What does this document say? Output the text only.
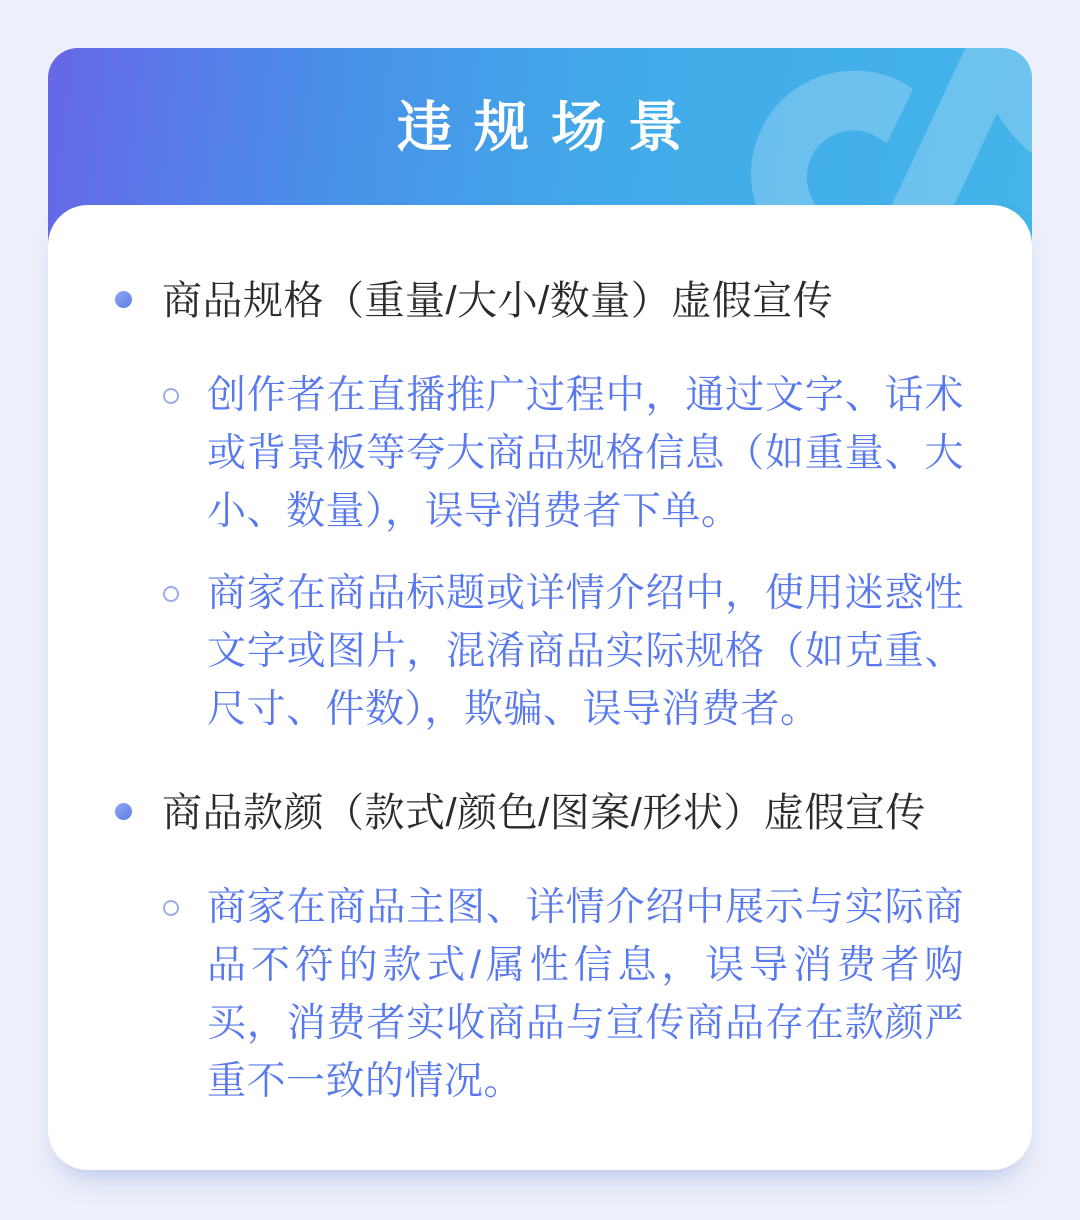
违规场景
商品规格（重量/大小/数量）虚假宣传
创作者在直播推广过程中，通过文字、话术或背景板等夸大商品规格信息（如重量、大小、数量），误导消费者下单。
商家在商品标题或详情介绍中，使用迷惑性文字或图片，混淆商品实际规格（如克重、尺寸、件数），欺骗、误导消费者。
商品款颜（款式/颜色/图案/形状）虚假宣传
商家在商品主图、详情介绍中展示与实际商品不符的款式/属性信息，误导消费者购买，消费者实收商品与宣传商品存在款颜严重不一致的情况。
